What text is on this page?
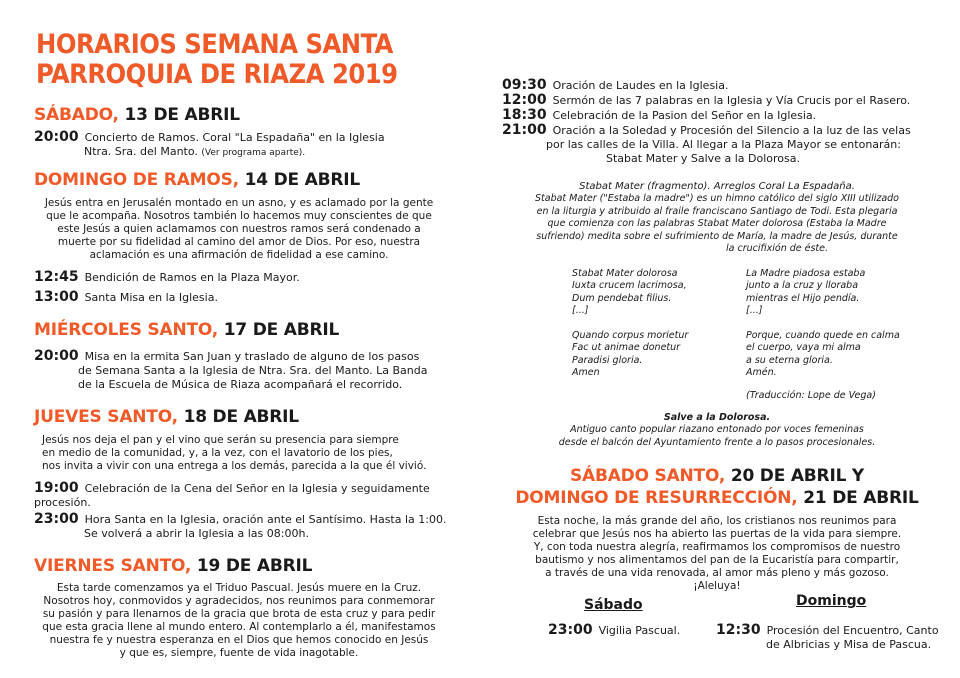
HORARIOS SEMANA SANTA
PARROQUIA DE RIAZA 2019

SÁBADO, 13 DE ABRIL

20:00 Concierto de Ramos. Coral "La Espadaña" en la Iglesia
Ntra. Sra. del Manto. (Ver programa aparte).

DOMINGO DE RAMOS, 14 DE ABRIL

Jesús entra en Jerusalén montado en un asno, y es aclamado por la gente
que le acompaña. Nosotros también lo hacemos muy conscientes de que
este Jesús a quien aclamamos con nuestros ramos será condenado a
muerte por su fidelidad al camino del amor de Dios. Por eso, nuestra
aclamación es una afirmación de fidelidad a ese camino.
12:45 Bendición de Ramos en la Plaza Mayor.
13:00 Santa Misa en la Iglesia.

MIÉRCOLES SANTO, 17 DE ABRIL

20:00 Misa en la ermita San Juan y traslado de alguno de los pasos
de Semana Santa a la Iglesia de Ntra. Sra. del Manto. La Banda
de la Escuela de Música de Riaza acompañará el recorrido.

JUEVES SANTO, 18 DE ABRIL

Jesús nos deja el pan y el vino que serán su presencia para siempre
en medio de la comunidad, y, a la vez, con el lavatorio de los pies,
nos invita a vivir con una entrega a los demás, parecida a la que él vivió.
19:00 Celebración de la Cena del Señor en la Iglesia y seguidamente procesión.
23:00 Hora Santa en la Iglesia, oración ante el Santísimo. Hasta la 1:00.
Se volverá a abrir la Iglesia a las 08:00h.

VIERNES SANTO, 19 DE ABRIL

Esta tarde comenzamos ya el Triduo Pascual. Jesús muere en la Cruz.
Nosotros hoy, conmovidos y agradecidos, nos reunimos para conmemorar
su pasión y para llenarnos de la gracia que brota de esta cruz y para pedir
que esta gracia llene al mundo entero. Al contemplarlo a él, manifestamos
nuestra fe y nuestra esperanza en el Dios que hemos conocido en Jesús
y que es, siempre, fuente de vida inagotable.
09:30 Oración de Laudes en la Iglesia.
12:00 Sermón de las 7 palabras en la Iglesia y Vía Crucis por el Rasero.
18:30 Celebración de la Pasion del Señor en la Iglesia.
21:00 Oración a la Soledad y Procesión del Silencio a la luz de las velas
por las calles de la Villa. Al llegar a la Plaza Mayor se entonarán:
Stabat Mater y Salve a la Dolorosa.
Stabat Mater (fragmento). Arreglos Coral La Espadaña.
Stabat Mater ("Estaba la madre") es un himno católico del siglo XIII utilizado
en la liturgia y atribuido al fraile franciscano Santiago de Todi. Esta plegaria
que comienza con las palabras Stabat Mater dolorosa (Estaba la Madre
sufriendo) medita sobre el sufrimiento de María, la madre de Jesús, durante
la crucifixión de éste.
Stabat Mater dolorosa
Iuxta crucem lacrimosa,
Dum pendebat filius.
[...]
Quando corpus morietur
Fac ut animae donetur
Paradisi gloria.
Amen
La Madre piadosa estaba
junto a la cruz y lloraba
mientras el Hijo pendía.
[...]
Porque, cuando quede en calma
el cuerpo, vaya mi alma
a su eterna gloria.
Amén.
(Traducción: Lope de Vega)
Salve a la Dolorosa.
Antiguo canto popular riazano entonado por voces femeninas
desde el balcón del Ayuntamiento frente a lo pasos procesionales.

SÁBADO SANTO, 20 DE ABRIL Y

DOMINGO DE RESURRECCIÓN, 21 DE ABRIL

Esta noche, la más grande del año, los cristianos nos reunimos para
celebrar que Jesús nos ha abierto las puertas de la vida para siempre.
Y, con toda nuestra alegría, reafirmamos los compromisos de nuestro
bautismo y nos alimentamos del pan de la Eucaristía para compartir,
a través de una vida renovada, al amor más pleno y más gozoso.
¡Aleluya!
Sábado	Domingo
23:00 Vigilia Pascual.	12:30 Procesión del Encuentro, Canto
de Albricias y Misa de Pascua.
